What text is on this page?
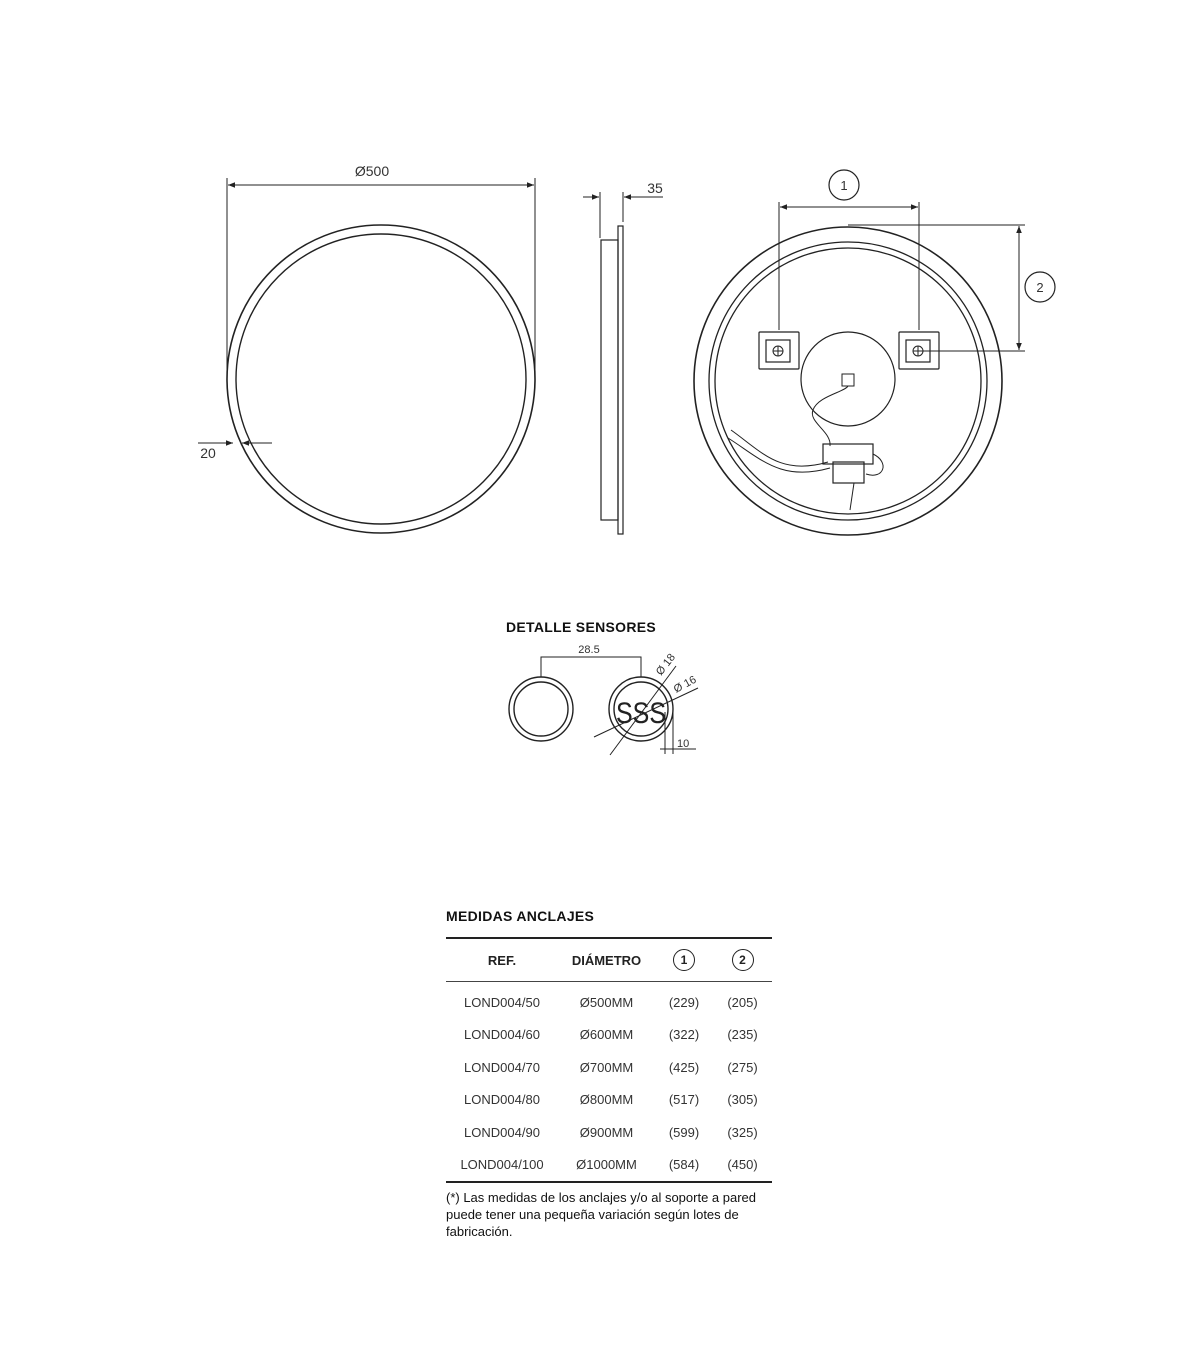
Ø500
20
35	1
2
SSS
28.5
Ø 18
Ø 16
10
DETALLE SENSORES
MEDIDAS ANCLAJES
REF.	DIÁMETRO	1	2
LOND004/50	Ø500MM	(229)	(205)
LOND004/60	Ø600MM	(322)	(235)
LOND004/70	Ø700MM	(425)	(275)
LOND004/80	Ø800MM	(517)	(305)
LOND004/90	Ø900MM	(599)	(325)
LOND004/100	Ø1000MM	(584)	(450)

(*) Las medidas de los anclajes y/o al soporte a pared puede tener una pequeña variación según lotes de fabricación.
